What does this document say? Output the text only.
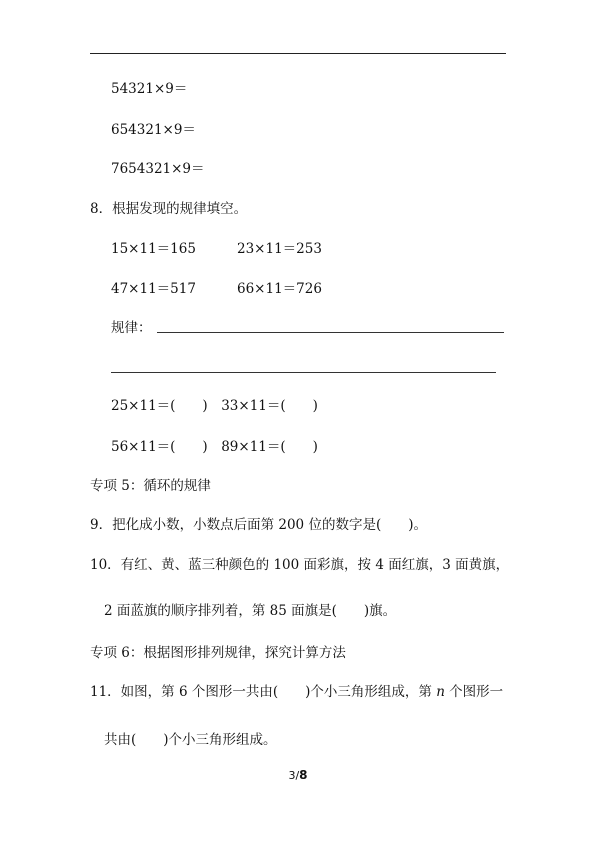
54321×9＝
654321×9＝
7654321×9＝
8．根据发现的规律填空。
15×11＝165	23×11＝253
47×11＝517	66×11＝726
规律：
25×11＝(　　)　33×11＝(　　)
56×11＝(　　)　89×11＝(　　)
专项 5：循环的规律
9．把化成小数，小数点后面第 200 位的数字是(　　)。
10．有红、黄、蓝三种颜色的 100 面彩旗，按 4 面红旗，3 面黄旗，
2 面蓝旗的顺序排列着，第 85 面旗是(　　)旗。
专项 6：根据图形排列规律，探究计算方法
11．如图，第 6 个图形一共由(　　)个小三角形组成，第 n 个图形一
共由(　　)个小三角形组成。
3/8
